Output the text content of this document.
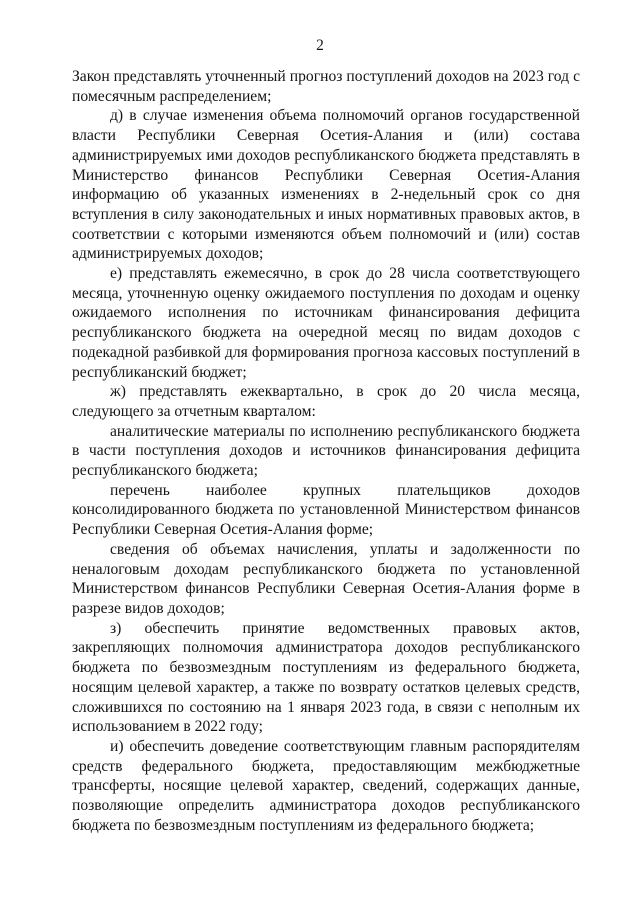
2

Закон представлять уточненный прогноз поступлений доходов на 2023 год с помесячным распределением;

д) в случае изменения объема полномочий органов государственной власти Республики Северная Осетия-Алания и (или) состава администрируемых ими доходов республиканского бюджета представлять в Министерство финансов Республики Северная Осетия-Алания информацию об указанных изменениях в 2-недельный срок со дня вступления в силу законодательных и иных нормативных правовых актов, в соответствии с которыми изменяются объем полномочий и (или) состав администрируемых доходов;

е) представлять ежемесячно, в срок до 28 числа соответствующего месяца, уточненную оценку ожидаемого поступления по доходам и оценку ожидаемого исполнения по источникам финансирования дефицита республиканского бюджета на очередной месяц по видам доходов с подекадной разбивкой для формирования прогноза кассовых поступлений в республиканский бюджет;

ж) представлять ежеквартально, в срок до 20 числа месяца, следующего за отчетным кварталом:

аналитические материалы по исполнению республиканского бюджета в части поступления доходов и источников финансирования дефицита республиканского бюджета;

перечень наиболее крупных плательщиков доходов консолидированного бюджета по установленной Министерством финансов Республики Северная Осетия-Алания форме;

сведения об объемах начисления, уплаты и задолженности по неналоговым доходам республиканского бюджета по установленной Министерством финансов Республики Северная Осетия-Алания форме в разрезе видов доходов;

з) обеспечить принятие ведомственных правовых актов, закрепляющих полномочия администратора доходов республиканского бюджета по безвозмездным поступлениям из федерального бюджета, носящим целевой характер, а также по возврату остатков целевых средств, сложившихся по состоянию на 1 января 2023 года, в связи с неполным их использованием в 2022 году;

и) обеспечить доведение соответствующим главным распорядителям средств федерального бюджета, предоставляющим межбюджетные трансферты, носящие целевой характер, сведений, содержащих данные, позволяющие определить администратора доходов республиканского бюджета по безвозмездным поступлениям из федерального бюджета;
